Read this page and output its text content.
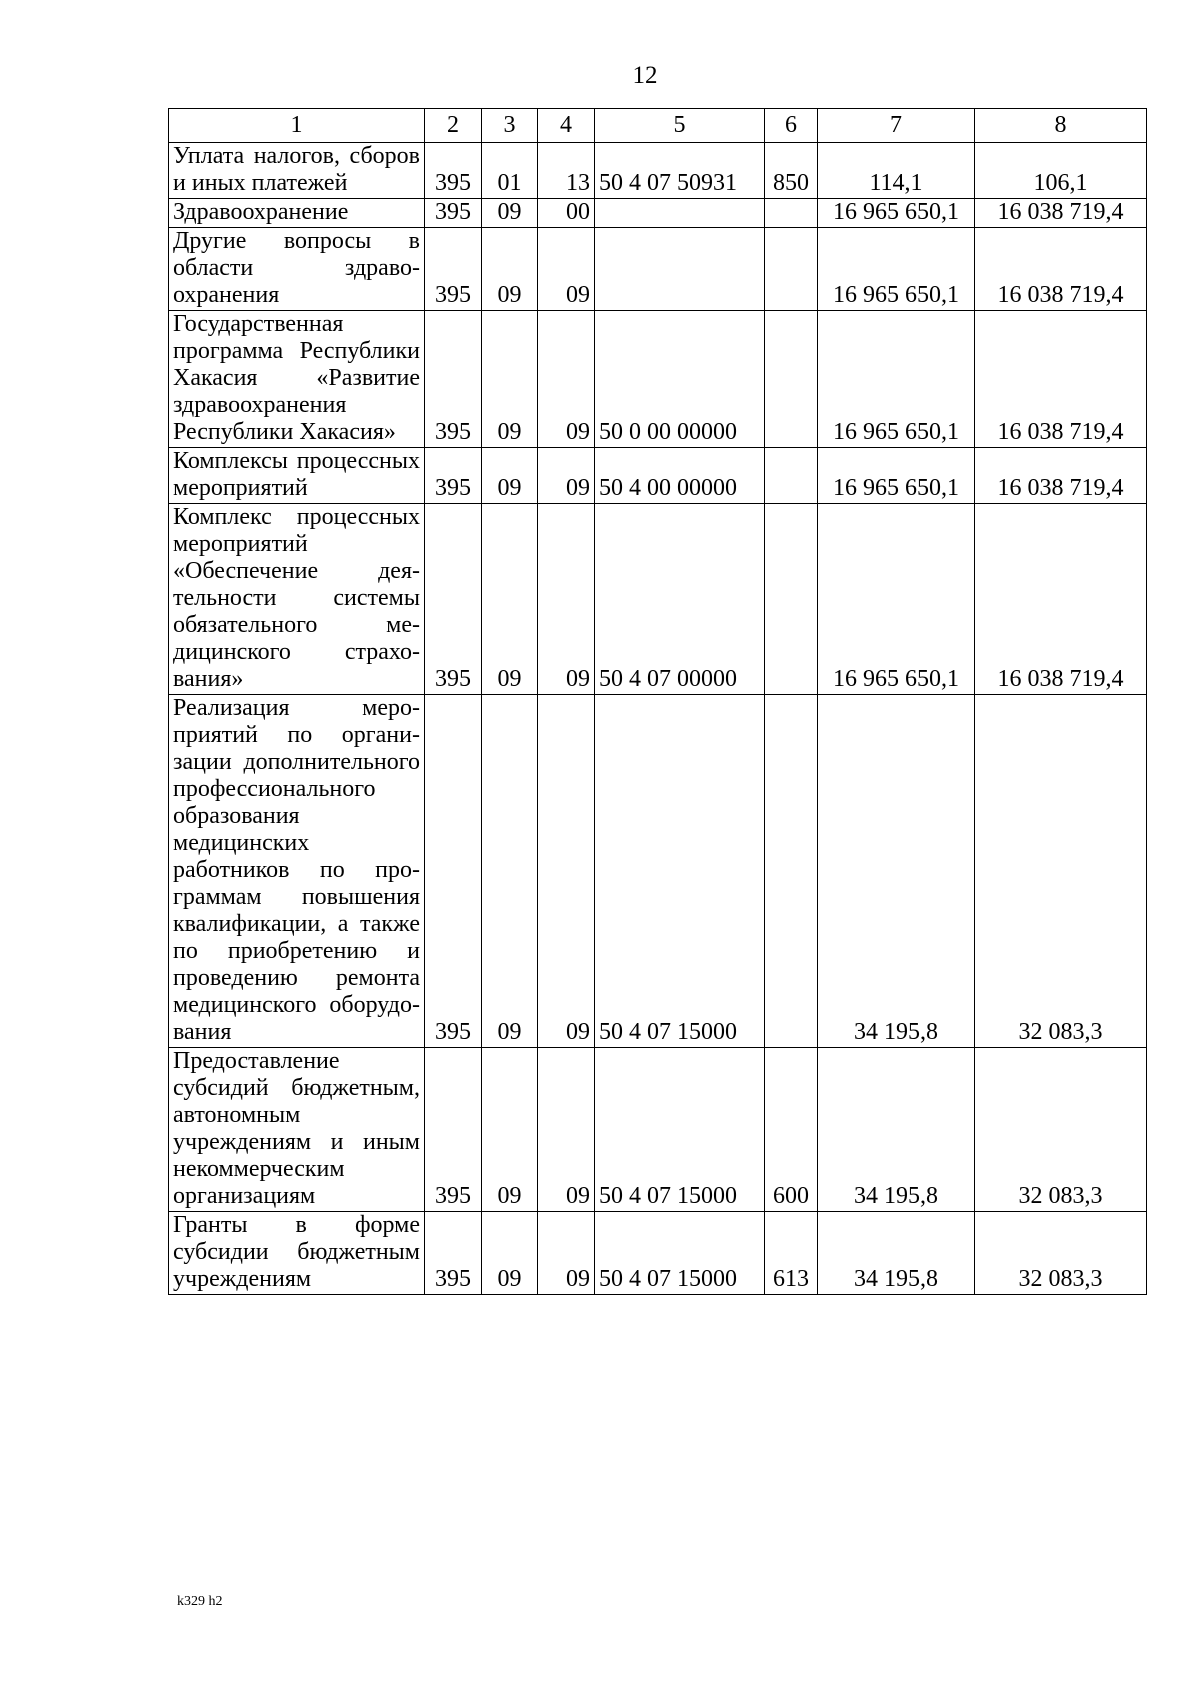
12
1	2	3	4	5	6	7	8
Уплата налогов, сборов и иных платежей	395	01	13	50 4 07 50931	850	114,1	106,1
Здравоохранение	395	09	00			16 965 650,1	16 038 719,4
Другие вопросы в области здравоохранения	395	09	09			16 965 650,1	16 038 719,4
Государственная программа Республики Хакасия «Развитие здравоохранения Республики Хакасия»	395	09	09	50 0 00 00000		16 965 650,1	16 038 719,4
Комплексы процессных мероприятий	395	09	09	50 4 00 00000		16 965 650,1	16 038 719,4
Комплекс процессных мероприятий «Обеспечение деятельности системы обязательного медицинского страхования»	395	09	09	50 4 07 00000		16 965 650,1	16 038 719,4
Реализация мероприятий по организации дополнительного профессионального образования медицинских работников по программам повышения квалификации, а также по приобретению и проведению ремонта медицинского оборудования	395	09	09	50 4 07 15000		34 195,8	32 083,3
Предоставление субсидий бюджетным, автономным учреждениям и иным некоммерческим организациям	395	09	09	50 4 07 15000	600	34 195,8	32 083,3
Гранты в форме субсидии бюджетным учреждениям	395	09	09	50 4 07 15000	613	34 195,8	32 083,3
k329 h2
